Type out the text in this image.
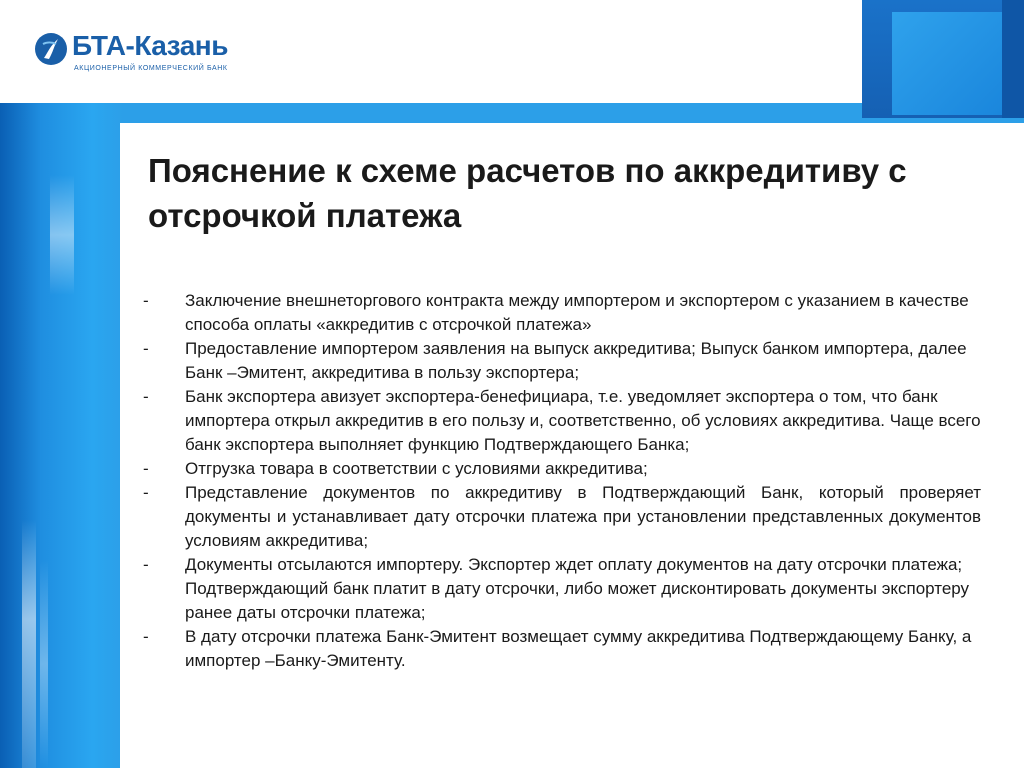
БТА-Казань
АКЦИОНЕРНЫЙ КОММЕРЧЕСКИЙ БАНК
Пояснение к схеме расчетов по аккредитиву с отсрочкой платежа
- Заключение внешнеторгового контракта между импортером и экспортером с указанием в качестве способа оплаты «аккредитив с отсрочкой платежа»
- Предоставление импортером заявления на выпуск аккредитива; Выпуск банком импортера, далее Банк –Эмитент, аккредитива в пользу экспортера;
- Банк экспортера авизует экспортера-бенефициара, т.е. уведомляет экспортера о том, что банк импортера открыл аккредитив в его пользу и, соответственно, об условиях аккредитива. Чаще всего банк экспортера выполняет функцию Подтверждающего Банка;
- Отгрузка товара в соответствии с условиями аккредитива;
- Представление документов по аккредитиву в Подтверждающий Банк, который проверяет документы и устанавливает дату отсрочки платежа при установлении представленных документов условиям аккредитива;
- Документы отсылаются импортеру. Экспортер ждет оплату документов на дату отсрочки платежа; Подтверждающий банк платит в дату отсрочки, либо может дисконтировать документы экспортеру ранее даты отсрочки платежа;
- В дату отсрочки платежа Банк-Эмитент возмещает сумму аккредитива Подтверждающему Банку, а импортер –Банку-Эмитенту.
